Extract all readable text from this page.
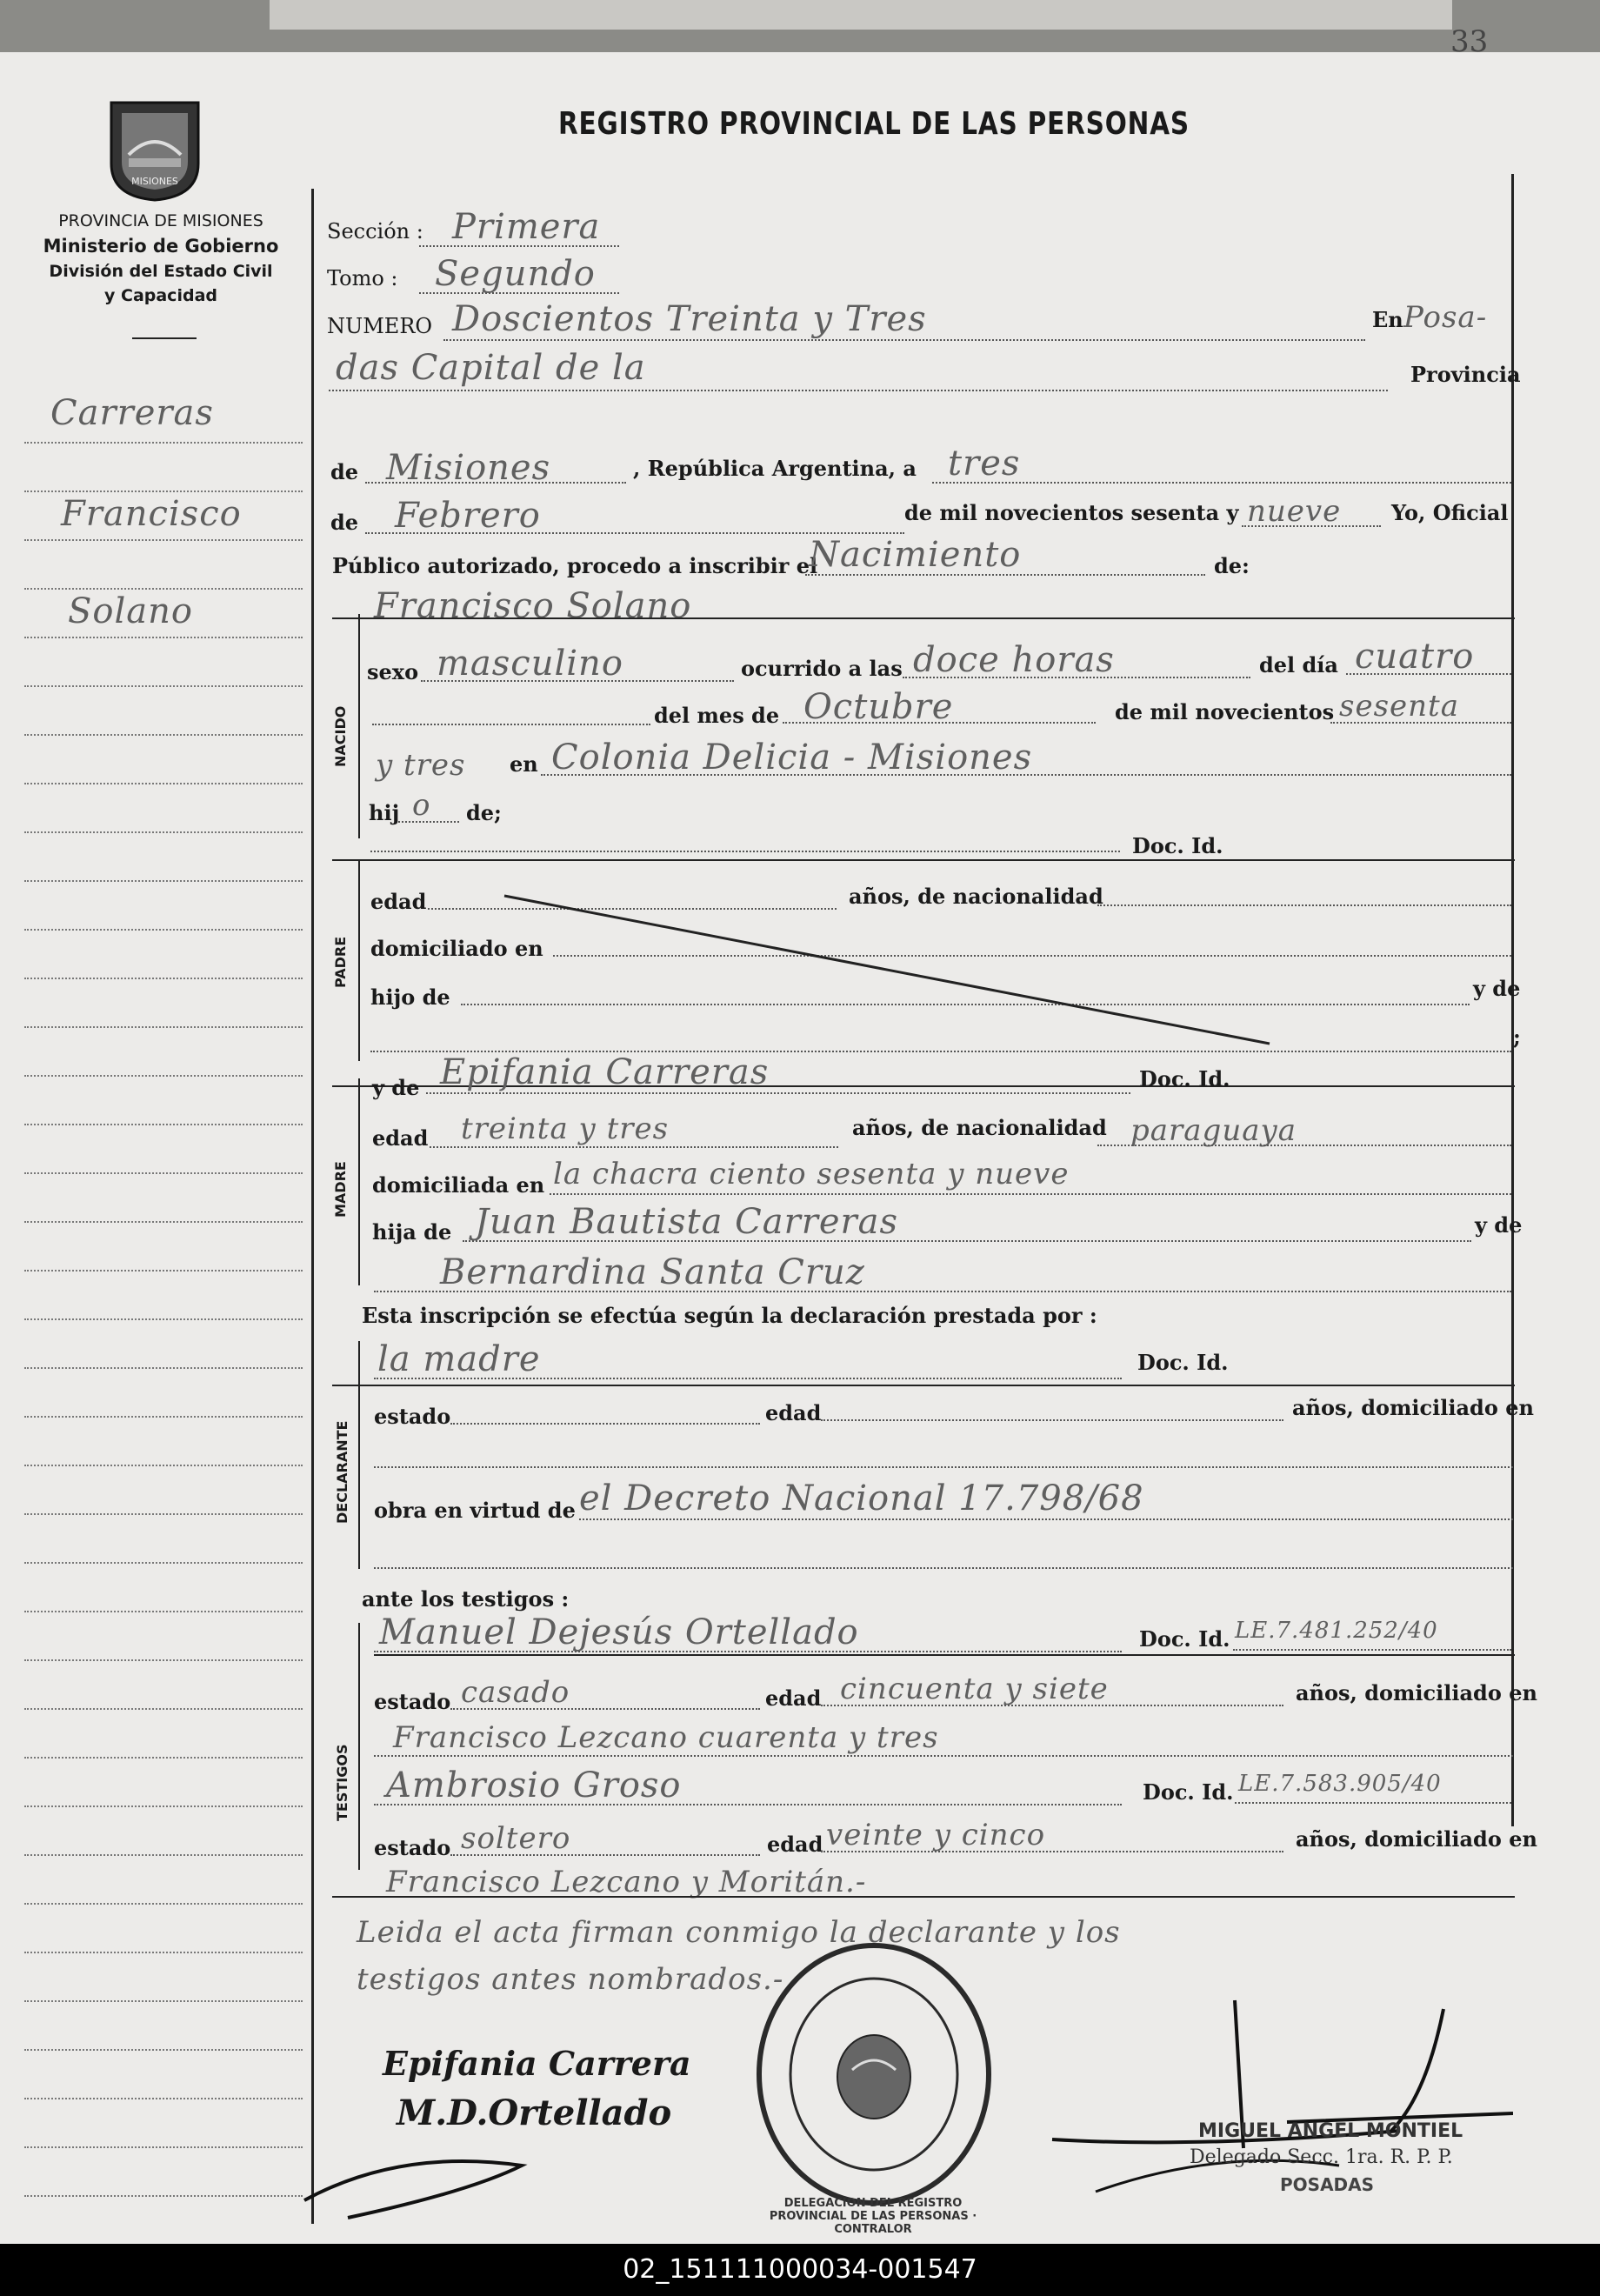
33
MISIONES
PROVINCIA DE MISIONES
Ministerio de Gobierno
División del Estado Civil
y Capacidad
REGISTRO PROVINCIAL DE LAS PERSONAS
Carreras
Francisco
Solano
Sección : Primera
Tomo : Segundo
NUMERO Doscientos Treinta y Tres	En Posa-
das Capital de la	Provincia
de Misiones	, República Argentina, a tres
de Febrero	de mil novecientos sesenta y nueve Yo, Oficial
Público autorizado, procedo a inscribir el
Nacimiento	de:
Francisco Solano
NACIDO
sexo masculino	ocurrido a las doce horas	del día cuatro
del mes de Octubre	de mil novecientos sesenta
y tres en Colonia Delicia - Misiones
hij o de;
PADRE
Doc. Id.
edad	años, de nacionalidad
domiciliado en
hijo de	y de
;
MADRE
y de Epifania Carreras	Doc. Id.
edad treinta y tres	años, de nacionalidad paraguaya
domiciliada en la chacra ciento sesenta y nueve
hija de Juan Bautista Carreras	y de
Bernardina Santa Cruz
Esta inscripción se efectúa según la declaración prestada por :
DECLARANTE
la madre	Doc. Id.
estado	edad	años, domiciliado en
obra en virtud de el Decreto Nacional 17.798/68
ante los testigos :
TESTIGOS
Manuel Dejesús Ortellado	Doc. Id. LE.7.481.252/40
estado casado	edad cincuenta y siete	años, domiciliado en
Francisco Lezcano cuarenta y tres
Ambrosio Groso	Doc. Id. LE.7.583.905/40
estado soltero	edad veinte y cinco	años, domiciliado en
Francisco Lezcano y Moritán.-
Leida el acta firman conmigo la declarante y los
testigos antes nombrados.-
DELEGACION DEL REGISTRO PROVINCIAL DE LAS PERSONAS · CONTRALOR
Epifania Carrera
M.D.Ortellado	MIGUEL ANGEL MONTIEL
Delegado Secc. 1ra. R. P. P.
POSADAS
02_151111000034-001547
